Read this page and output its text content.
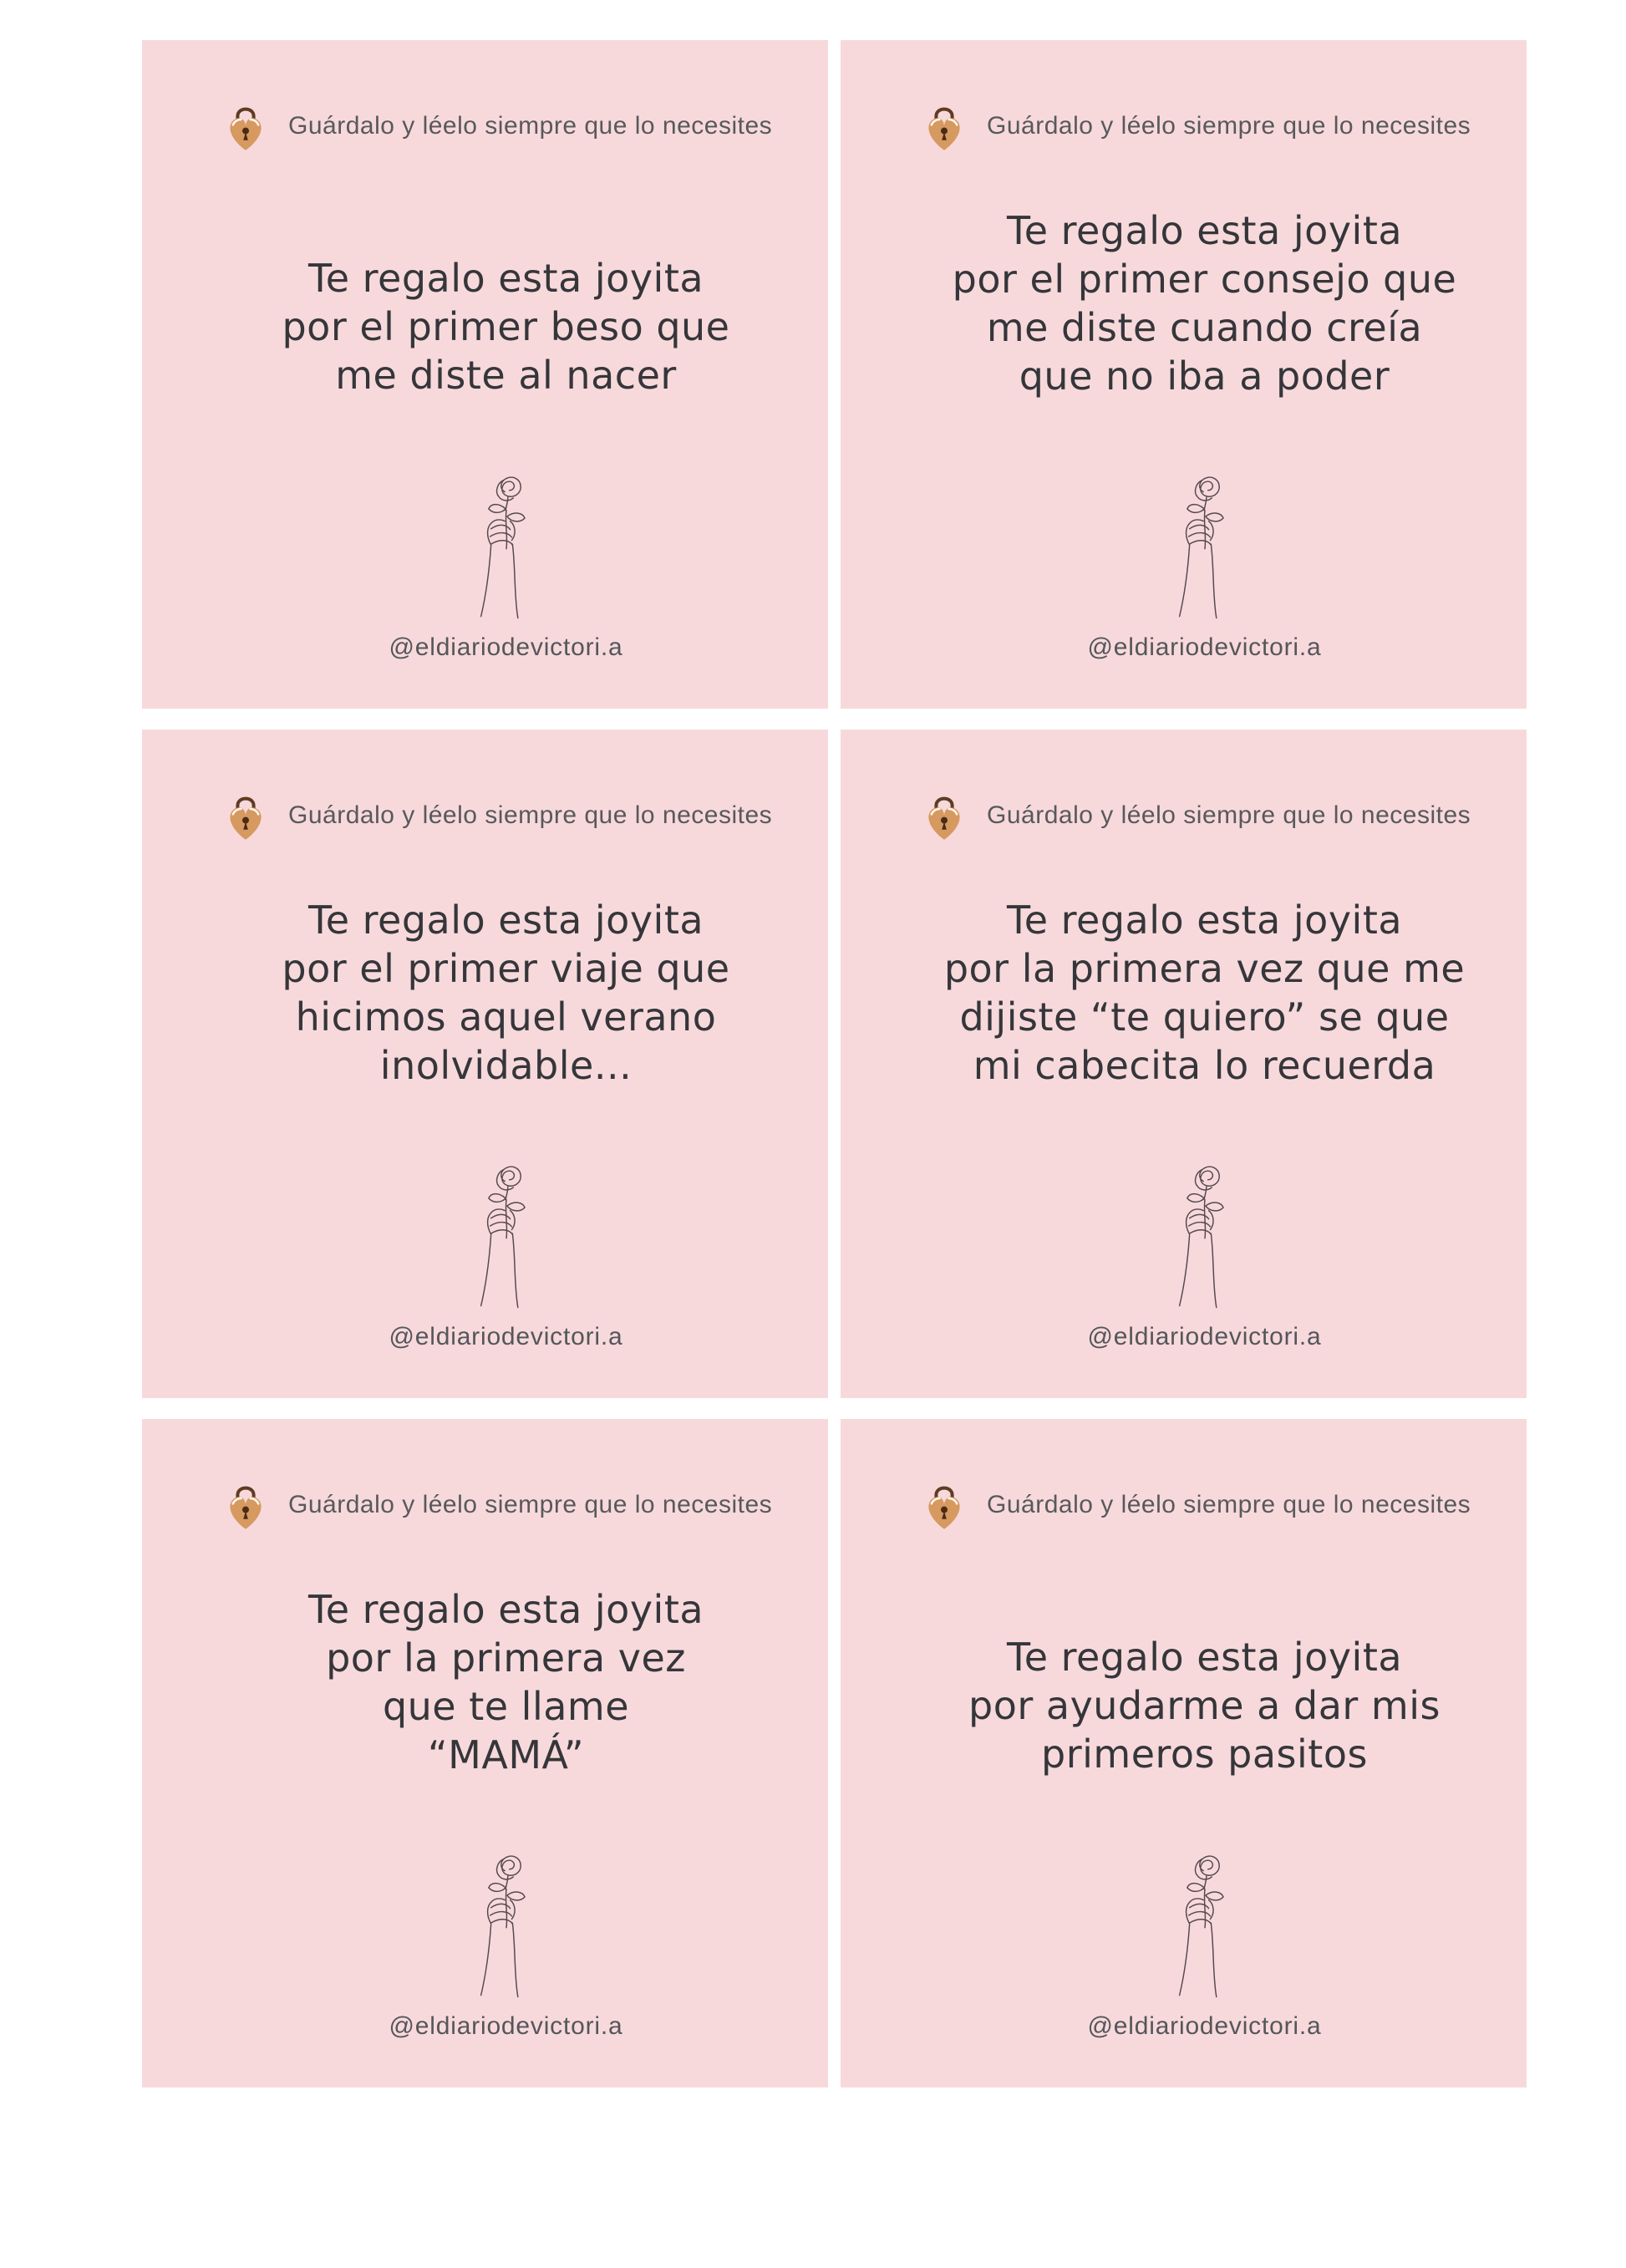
Guárdalo y léelo siempre que lo necesites
Te regalo esta joyita
por el primer beso que
me diste al nacer
@eldiariodevictori.a
Guárdalo y léelo siempre que lo necesites
Te regalo esta joyita
por el primer consejo que
me diste cuando creía
que no iba a poder
@eldiariodevictori.a
Guárdalo y léelo siempre que lo necesites
Te regalo esta joyita
por el primer viaje que
hicimos aquel verano
inolvidable...
@eldiariodevictori.a
Guárdalo y léelo siempre que lo necesites
Te regalo esta joyita
por la primera vez que me
dijiste “te quiero” se que
mi cabecita lo recuerda
@eldiariodevictori.a
Guárdalo y léelo siempre que lo necesites
Te regalo esta joyita
por la primera vez
que te llame
“MAMÁ”
@eldiariodevictori.a
Guárdalo y léelo siempre que lo necesites
Te regalo esta joyita
por ayudarme a dar mis
primeros pasitos
@eldiariodevictori.a
